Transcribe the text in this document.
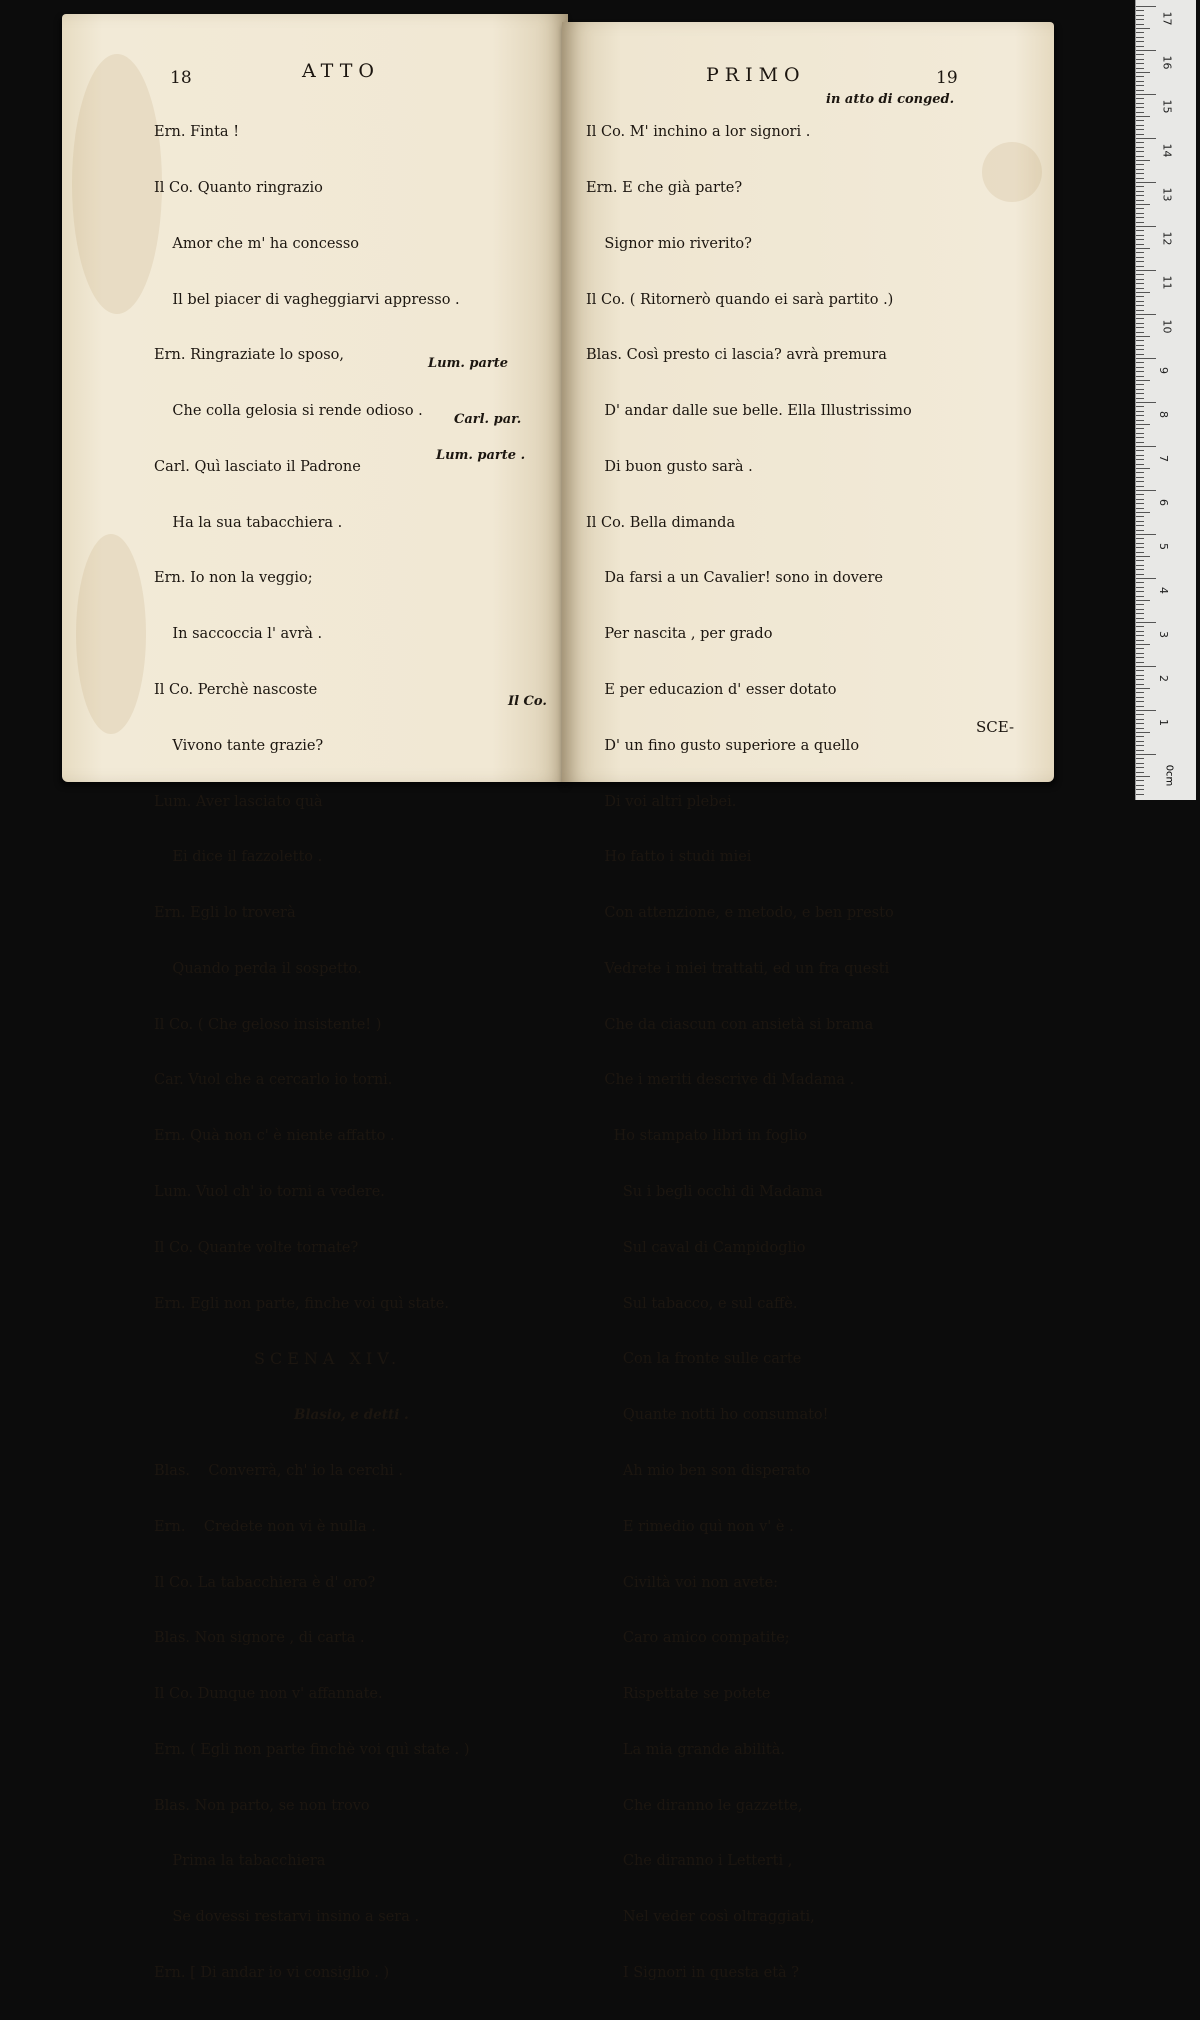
18	ATTO

Ern. Finta !

Il Co. Quanto ringrazio

Amor che m' ha concesso

Il bel piacer di vagheggiarvi appresso .

Ern. Ringraziate lo sposo,

Che colla gelosia si rende odioso .

Carl. Quì lasciato il Padrone

Ha la sua tabacchiera .

Ern. Io non la veggio;

In saccoccia l' avrà .

Il Co. Perchè nascoste

Vivono tante grazie?

Lum. Aver lasciato quà

Ei dice il fazzoletto .

Ern. Egli lo troverà

Quando perda il sospetto.

Il Co. ( Che geloso insistente! )

Car. Vuol che a cercarlo io torni.

Ern. Quà non c' è niente affatto .

Lum. Vuol ch' io torni a vedere.

Il Co. Quante volte tornate?

Ern. Egli non parte, finche voi quì state.

SCENA XIV.

Blasio, e detti .

Blas.    Converrà, ch' io la cerchi .

Ern.    Credete non vi è nulla .

Il Co. La tabacchiera è d' oro?

Blas. Non signore , di carta .

Il Co. Dunque non v' affannate.

Ern. ( Egli non parte finchè voi quì state . )

Blas. Non parto, se non trovo

Prima la tabacchiera

Se dovessi restarvi insino a sera .

Ern. [ Di andar io vi consiglio . )

Lum. parte
Carl. par.
Lum. parte .
Il Co.
PRIMO	19

Il Co. M' inchino a lor signori .

Ern. E che già parte?

Signor mio riverito?

Il Co. ( Ritornerò quando ei sarà partito .)

Blas. Così presto ci lascia? avrà premura

D' andar dalle sue belle. Ella Illustrissimo

Di buon gusto sarà .

Il Co. Bella dimanda

Da farsi a un Cavalier! sono in dovere

Per nascita , per grado

E per educazion d' esser dotato

D' un fino gusto superiore a quello

Di voi altri plebei.

Ho fatto i studi miei

Con attenzione, e metodo, e ben presto

Vedrete i miei trattati, ed un fra questi

Che da ciascun con ansietà si brama

Che i meriti descrive di Madama .

Ho stampato libri in foglio

Su i begli occhi di Madama

Sul caval di Campidoglio

Sul tabacco, e sul caffè.

Con la fronte sulle carte

Quante notti ho consumato!

Ah mio ben son disperato

E rimedio quì non v' è .

Civiltà voi non avete:

Caro amico compatite;

Rispettate se potete

La mia grande abilità.

Che diranno le gazzette,

Che diranno i Letterti ,

Nel veder così oltraggiati,

I Signori in questa età ?

in atto di conged.
SCE-
17
16
15
14
13
12
11
10
9
8
7
6
5
4
3
2
1
0cm
